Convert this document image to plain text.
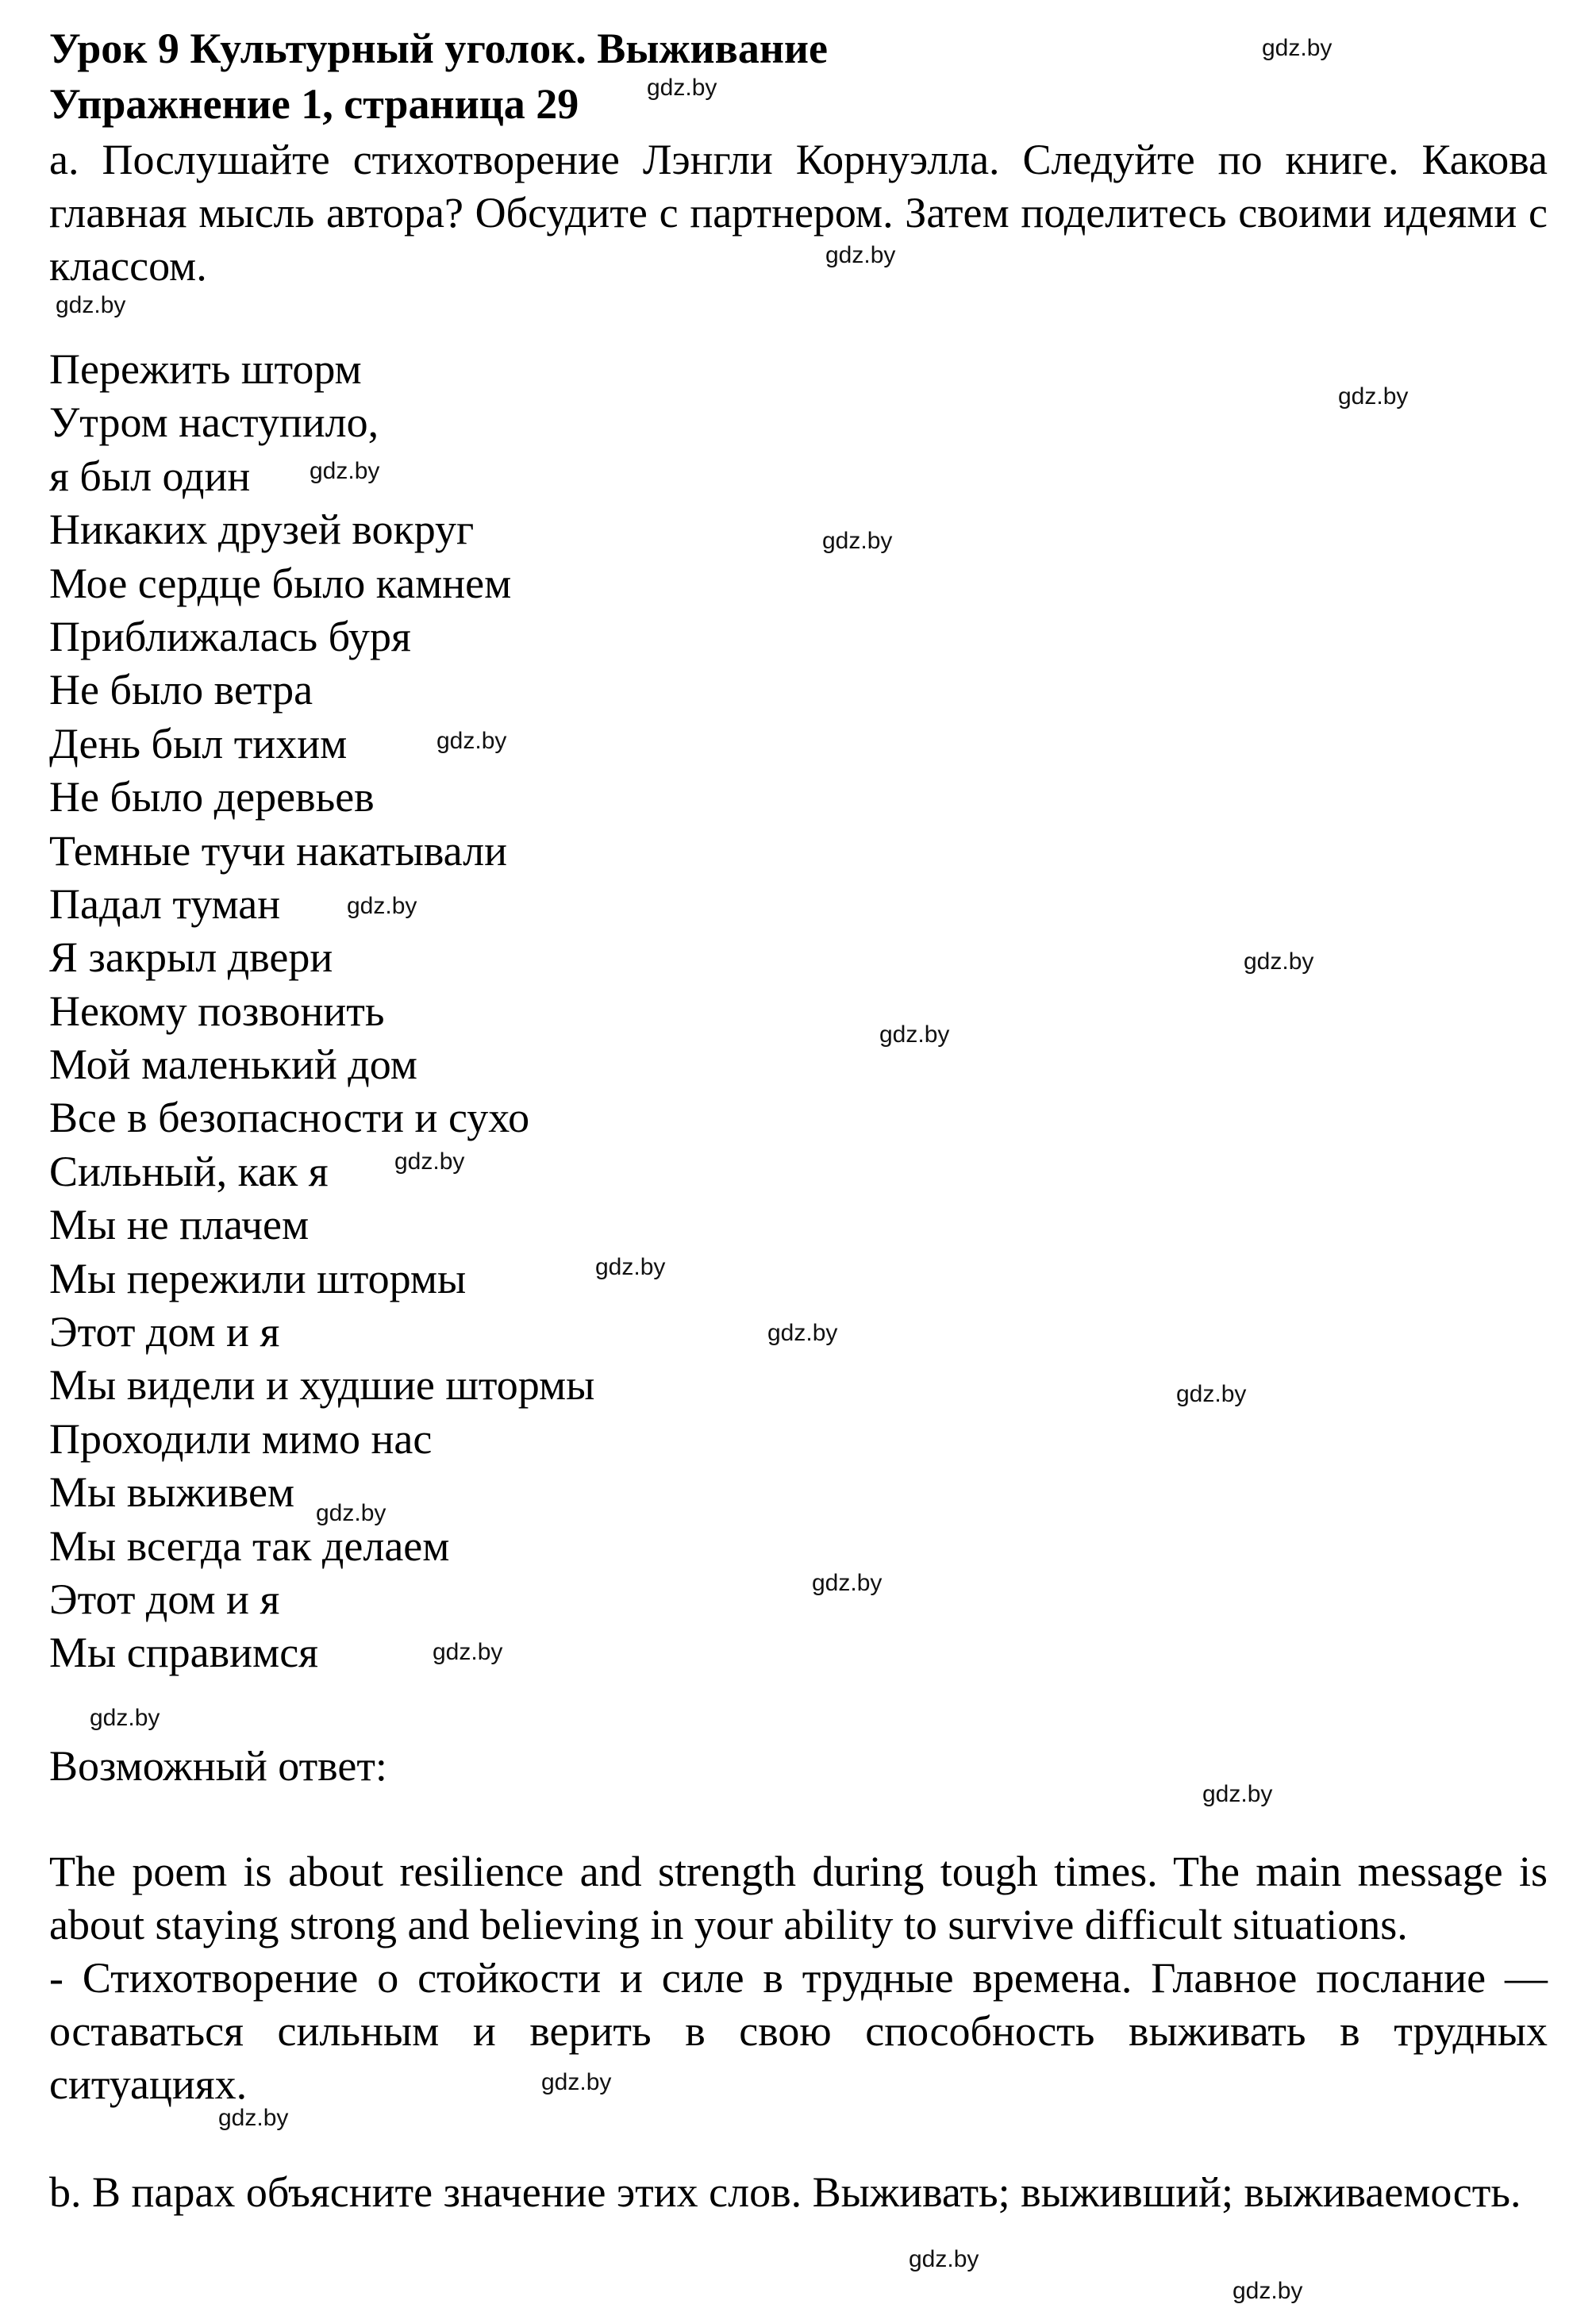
Урок 9 Культурный уголок. Выживание
Упражнение 1, страница 29
a. Послушайте стихотворение Лэнгли Корнуэлла. Следуйте по книге. Какова главная мысль автора? Обсудите с партнером. Затем поделитесь своими идеями с классом.
Пережить шторм
Утром наступило,
я был один
Никаких друзей вокруг
Мое сердце было камнем
Приближалась буря
Не было ветра
День был тихим
Не было деревьев
Темные тучи накатывали
Падал туман
Я закрыл двери
Некому позвонить
Мой маленький дом
Все в безопасности и сухо
Сильный, как я
Мы не плачем
Мы пережили штормы
Этот дом и я
Мы видели и худшие штормы
Проходили мимо нас
Мы выживем
Мы всегда так делаем
Этот дом и я
Мы справимся
Возможный ответ:
The poem is about resilience and strength during tough times. The main message is about staying strong and believing in your ability to survive difficult situations.
- Стихотворение о стойкости и силе в трудные времена. Главное послание — оставаться сильным и верить в свою способность выживать в трудных ситуациях.
b. В парах объясните значение этих слов. Выживать; выживший; выживаемость.
gdz.by
gdz.by
gdz.by
gdz.by
gdz.by
gdz.by
gdz.by
gdz.by
gdz.by
gdz.by
gdz.by
gdz.by
gdz.by
gdz.by
gdz.by
gdz.by
gdz.by
gdz.by
gdz.by
gdz.by
gdz.by
gdz.by
gdz.by
gdz.by
